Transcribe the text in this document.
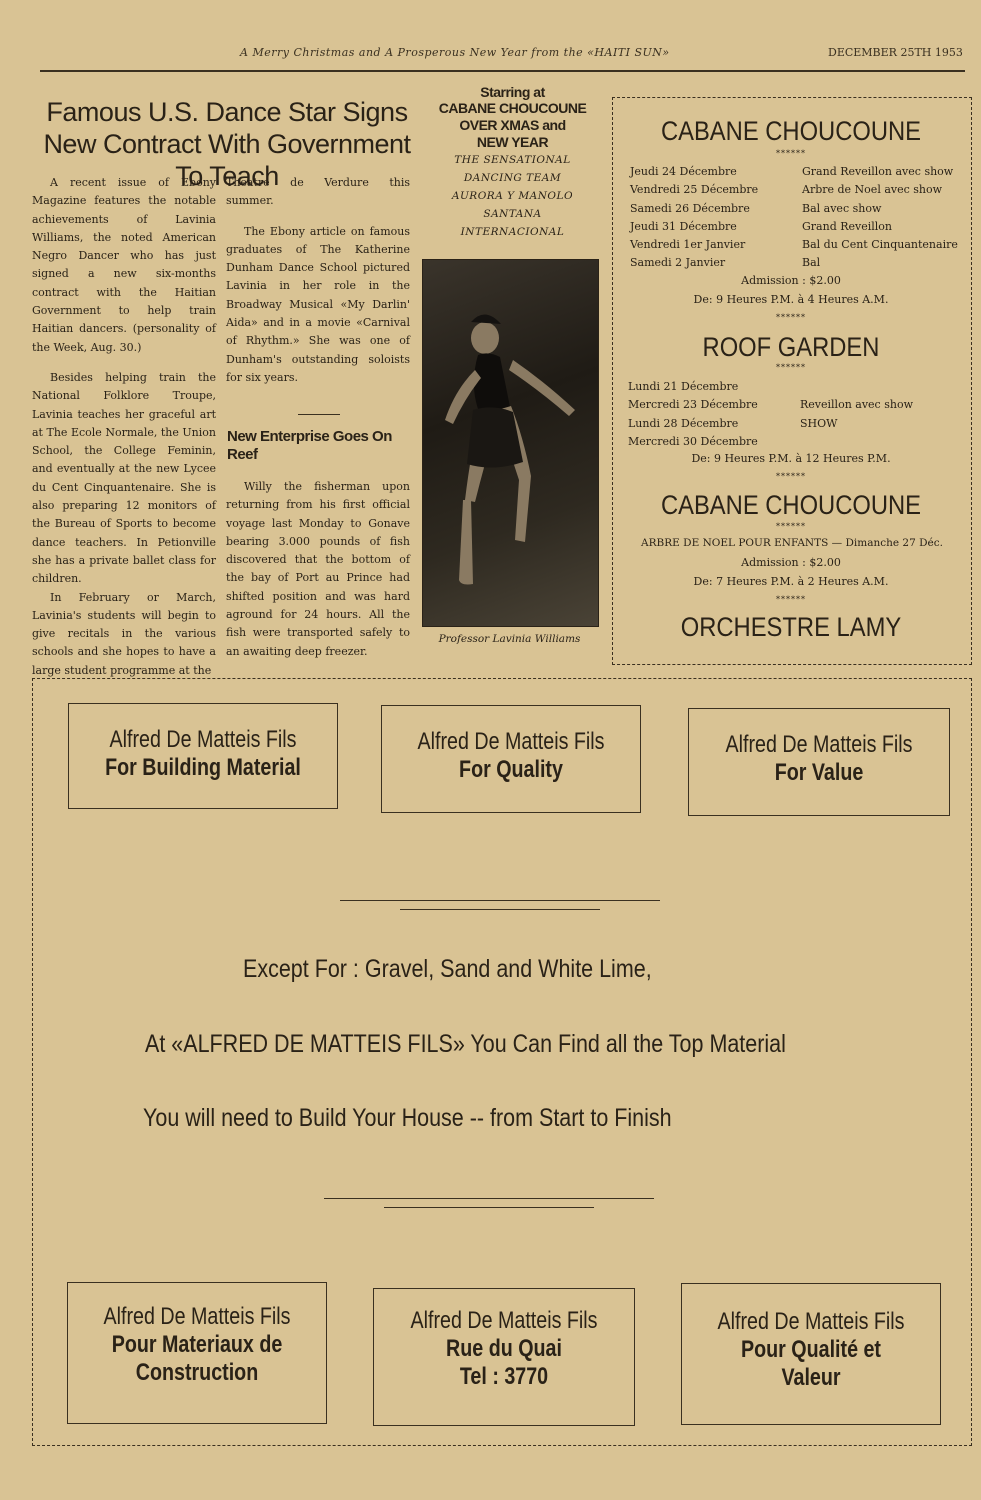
A Merry Christmas and A Prosperous New Year from the «HAITI SUN»	DECEMBER 25TH 1953
Famous U.S. Dance Star Signs New Contract With Government To Teach

A recent issue of Ebony Magazine features the notable achievements of Lavinia Williams, the noted American Negro Dancer who has just signed a new six-months contract with the Haitian Government to help train Haitian dancers. (personality of the Week, Aug. 30.)

Besides helping train the National Folklore Troupe, Lavinia teaches her graceful art at The Ecole Normale, the Union School, the College Feminin, and eventually at the new Lycee du Cent Cinquantenaire. She is also preparing 12 monitors of the Bureau of Sports to become dance teachers. In Petionville she has a private ballet class for children.

In February or March, Lavinia's students will begin to give recitals in the various schools and she hopes to have a large student programme at the

Theatre de Verdure this summer.

The Ebony article on famous graduates of The Katherine Dunham Dance School pictured Lavinia in her role in the Broadway Musical «My Darlin' Aida» and in a movie «Carnival of Rhythm.» She was one of Dunham's outstanding soloists for six years.

New Enterprise Goes On Reef

Willy the fisherman upon returning from his first official voyage last Monday to Gonave bearing 3.000 pounds of fish discovered that the bottom of the bay of Port au Prince had shifted position and was hard aground for 24 hours. All the fish were transported safely to an awaiting deep freezer.

Starring at
CABANE CHOUCOUNE
OVER XMAS and NEW YEAR
THE SENSATIONAL
DANCING TEAM
AURORA Y MANOLO
SANTANA
INTERNACIONAL
Professor Lavinia Williams
CABANE CHOUCOUNE
******
Jeudi 24 Décembre	Grand Reveillon avec show
Vendredi 25 Décembre	Arbre de Noel avec show
Samedi 26 Décembre	Bal avec show
Jeudi 31 Décembre	Grand Reveillon
Vendredi 1er Janvier	Bal du Cent Cinquantenaire
Samedi 2 Janvier	Bal
Admission : $2.00
De: 9 Heures P.M. à 4 Heures A.M.
******
ROOF GARDEN
******
Lundi 21 Décembre
Mercredi 23 Décembre	Reveillon avec show
Lundi 28 Décembre	SHOW
Mercredi 30 Décembre
De: 9 Heures P.M. à 12 Heures P.M.
******
CABANE CHOUCOUNE
******
ARBRE DE NOEL POUR ENFANTS — Dimanche 27 Déc.
Admission : $2.00
De: 7 Heures P.M. à 2 Heures A.M.
******
ORCHESTRE LAMY
Alfred De Matteis Fils
For Building Material
Alfred De Matteis Fils
For Quality
Alfred De Matteis Fils
For Value
Except For : Gravel, Sand and White Lime,
At «ALFRED DE MATTEIS FILS» You Can Find all the Top Material
You will need to Build Your House -- from Start to Finish
Alfred De Matteis Fils
Pour Materiaux de
Construction
Alfred De Matteis Fils
Rue du Quai
Tel : 3770
Alfred De Matteis Fils
Pour Qualité et
Valeur
